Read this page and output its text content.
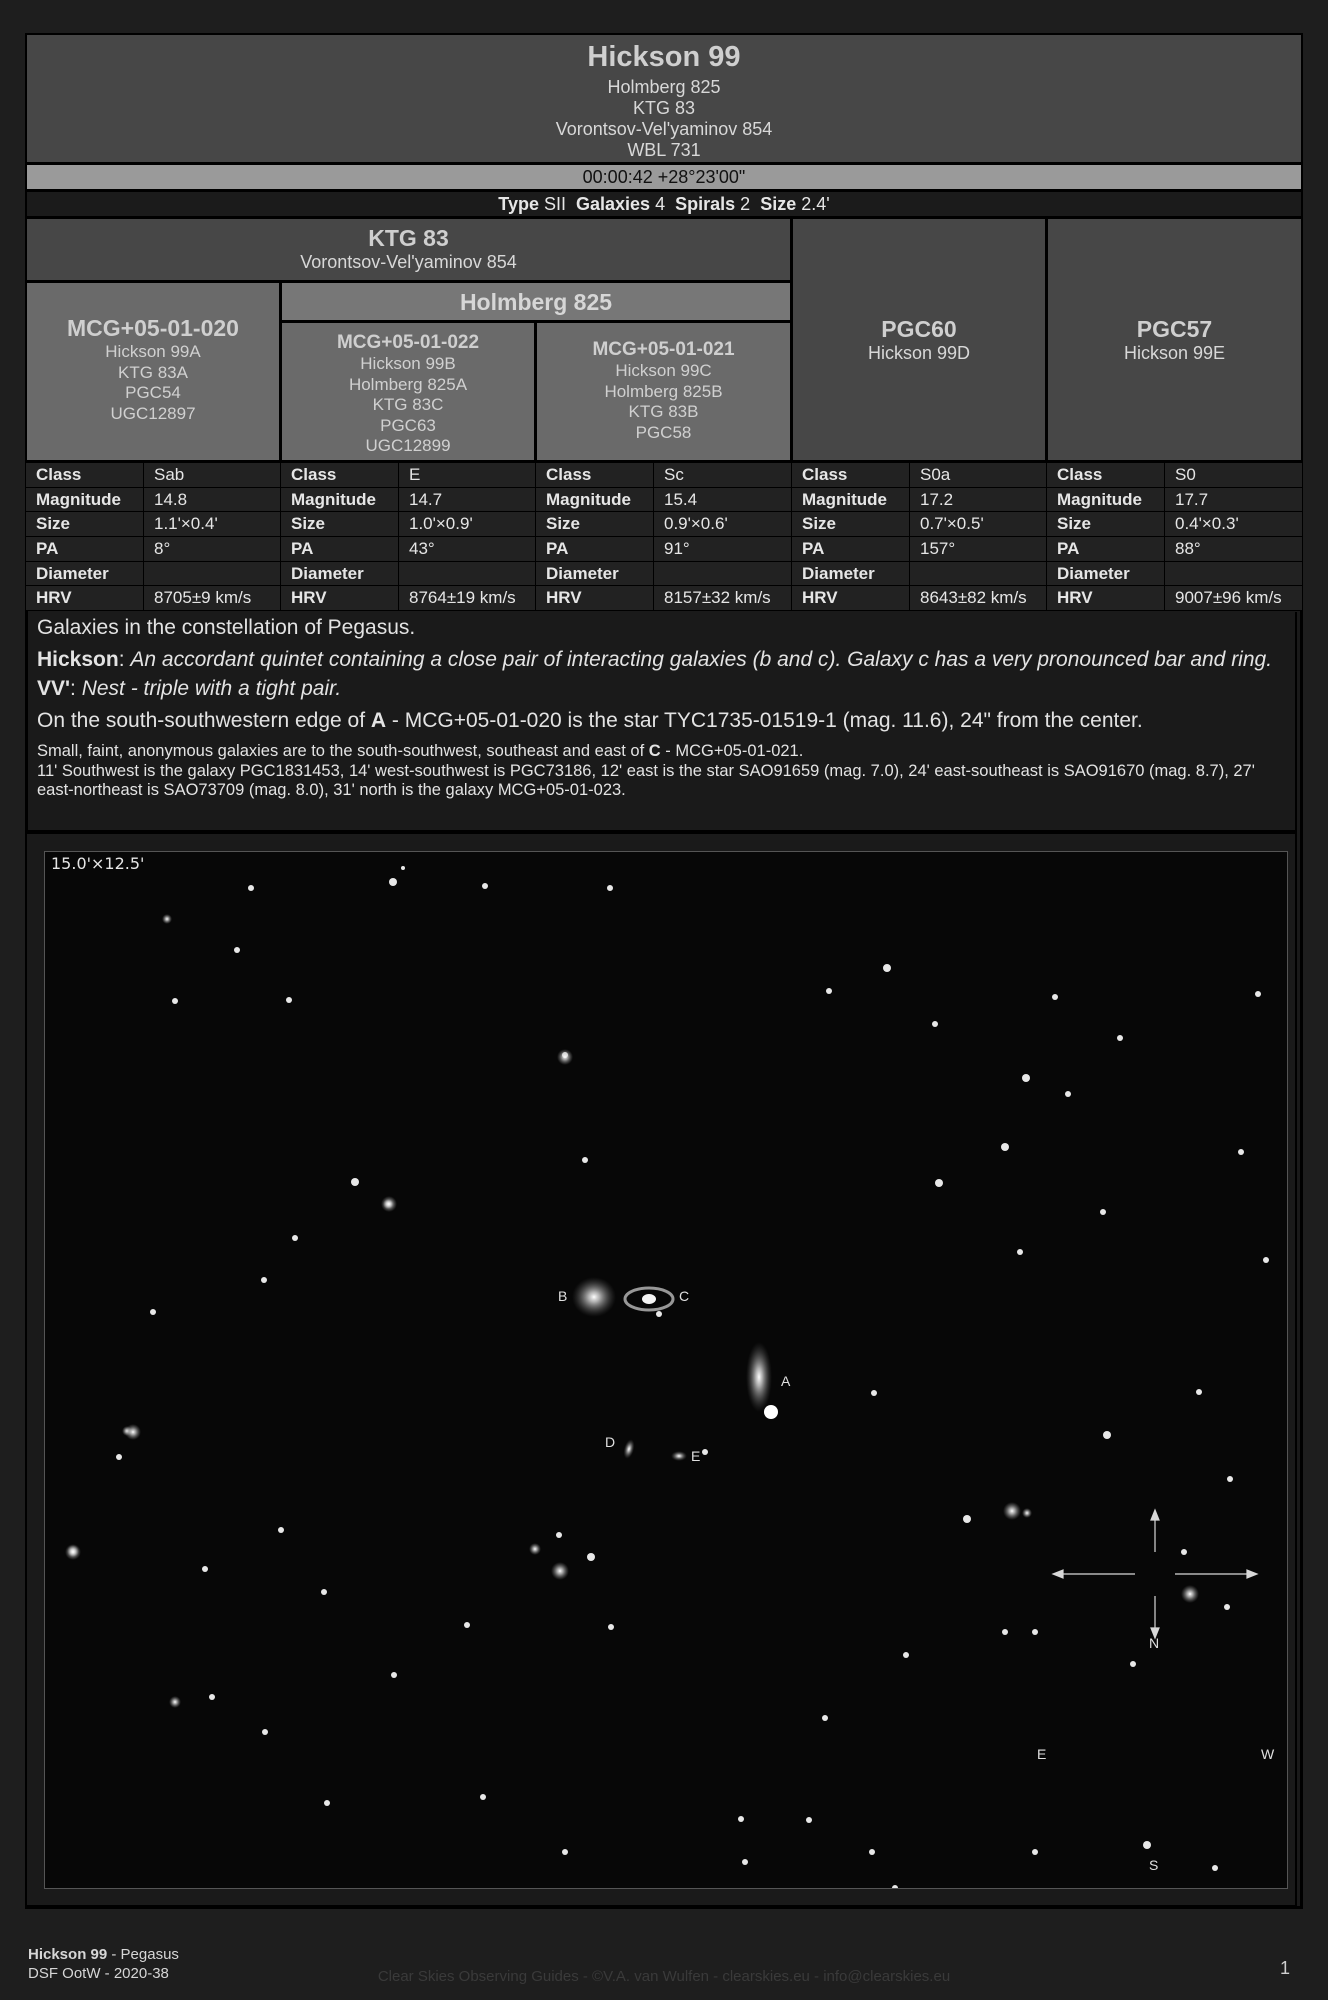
Hickson 99
Holmberg 825
KTG 83
Vorontsov-Vel'yaminov 854
WBL 731
00:00:42 +28°23'00"
Type SII Galaxies 4 Spirals 2 Size 2.4'
KTG 83
Vorontsov-Vel'yaminov 854
Holmberg 825
MCG+05-01-020
Hickson 99A
KTG 83A
PGC54
UGC12897
MCG+05-01-022
Hickson 99B
Holmberg 825A
KTG 83C
PGC63
UGC12899
MCG+05-01-021
Hickson 99C
Holmberg 825B
KTG 83B
PGC58
PGC60
Hickson 99D
PGC57
Hickson 99E
Class	Sab
Magnitude	14.8
Size	1.1'×0.4'
PA	8°
Diameter	
HRV	8705±9 km/s
Class	E
Magnitude	14.7
Size	1.0'×0.9'
PA	43°
Diameter	
HRV	8764±19 km/s
Class	Sc
Magnitude	15.4
Size	0.9'×0.6'
PA	91°
Diameter	
HRV	8157±32 km/s
Class	S0a
Magnitude	17.2
Size	0.7'×0.5'
PA	157°
Diameter	
HRV	8643±82 km/s
Class	S0
Magnitude	17.7
Size	0.4'×0.3'
PA	88°
Diameter	
HRV	9007±96 km/s

Galaxies in the constellation of Pegasus.

Hickson: An accordant quintet containing a close pair of interacting galaxies (b and c). Galaxy c has a very pronounced bar and ring.

VV': Nest - triple with a tight pair.

On the south-southwestern edge of A - MCG+05-01-020 is the star TYC1735-01519-1 (mag. 11.6), 24" from the center.

Small, faint, anonymous galaxies are to the south-southwest, southeast and east of C - MCG+05-01-021.

11' Southwest is the galaxy PGC1831453, 14' west-southwest is PGC73186, 12' east is the star SAO91659 (mag. 7.0), 24' east-southeast is SAO91670 (mag. 8.7), 27' east-northeast is SAO73709 (mag. 8.0), 31' north is the galaxy MCG+05-01-023.

15.0'×12.5'
B	C
A
D
E
N
S
E	W
Hickson 99 - Pegasus
DSF OotW - 2020-38	Clear Skies Observing Guides - ©V.A. van Wulfen - clearskies.eu - info@clearskies.eu	1
